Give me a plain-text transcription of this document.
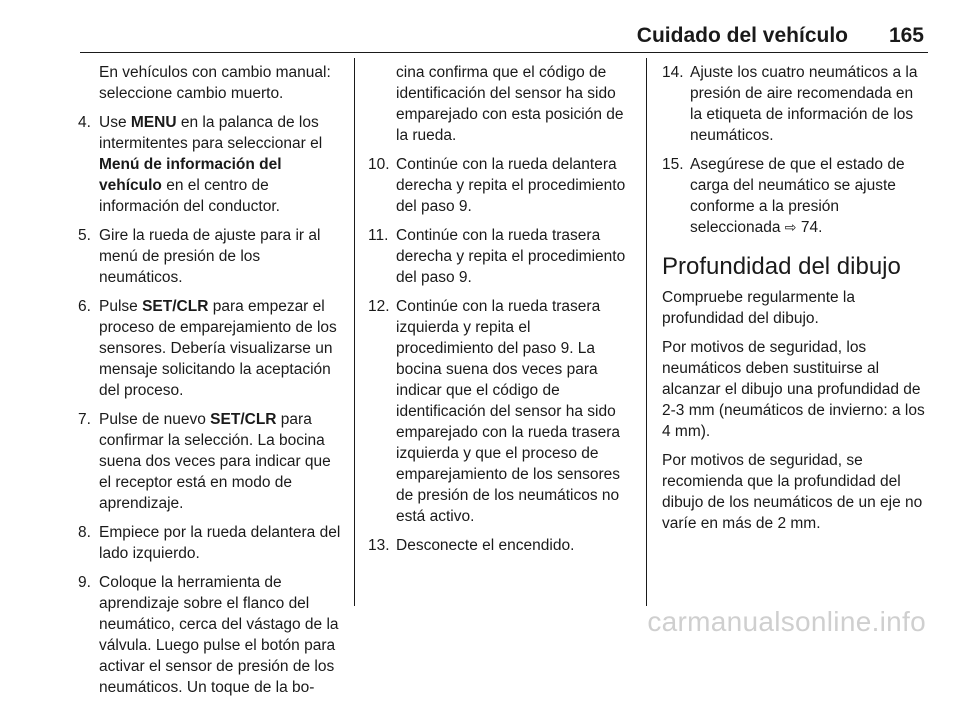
Cuidado del vehículo 165
En vehículos con cambio manual: seleccione cambio muerto.
4. Use MENU en la palanca de los intermitentes para seleccionar el Menú de información del vehículo en el centro de información del conductor.
5. Gire la rueda de ajuste para ir al menú de presión de los neumáticos.
6. Pulse SET/CLR para empezar el proceso de emparejamiento de los sensores. Debería visualizarse un mensaje solicitando la aceptación del proceso.
7. Pulse de nuevo SET/CLR para confirmar la selección. La bocina suena dos veces para indicar que el receptor está en modo de aprendizaje.
8. Empiece por la rueda delantera del lado izquierdo.
9. Coloque la herramienta de aprendizaje sobre el flanco del neumático, cerca del vástago de la válvula. Luego pulse el botón para activar el sensor de presión de los neumáticos. Un toque de la bo-
cina confirma que el código de identificación del sensor ha sido emparejado con esta posición de la rueda.
10. Continúe con la rueda delantera derecha y repita el procedimiento del paso 9.
11. Continúe con la rueda trasera derecha y repita el procedimiento del paso 9.
12. Continúe con la rueda trasera izquierda y repita el procedimiento del paso 9. La bocina suena dos veces para indicar que el código de identificación del sensor ha sido emparejado con la rueda trasera izquierda y que el proceso de emparejamiento de los sensores de presión de los neumáticos no está activo.
13. Desconecte el encendido.
14. Ajuste los cuatro neumáticos a la presión de aire recomendada en la etiqueta de información de los neumáticos.
15. Asegúrese de que el estado de carga del neumático se ajuste conforme a la presión seleccionada ⇨ 74.
Profundidad del dibujo
Compruebe regularmente la profundidad del dibujo.
Por motivos de seguridad, los neumáticos deben sustituirse al alcanzar el dibujo una profundidad de 2-3 mm (neumáticos de invierno: a los 4 mm).
Por motivos de seguridad, se recomienda que la profundidad del dibujo de los neumáticos de un eje no varíe en más de 2 mm.
carmanualsonline.info
